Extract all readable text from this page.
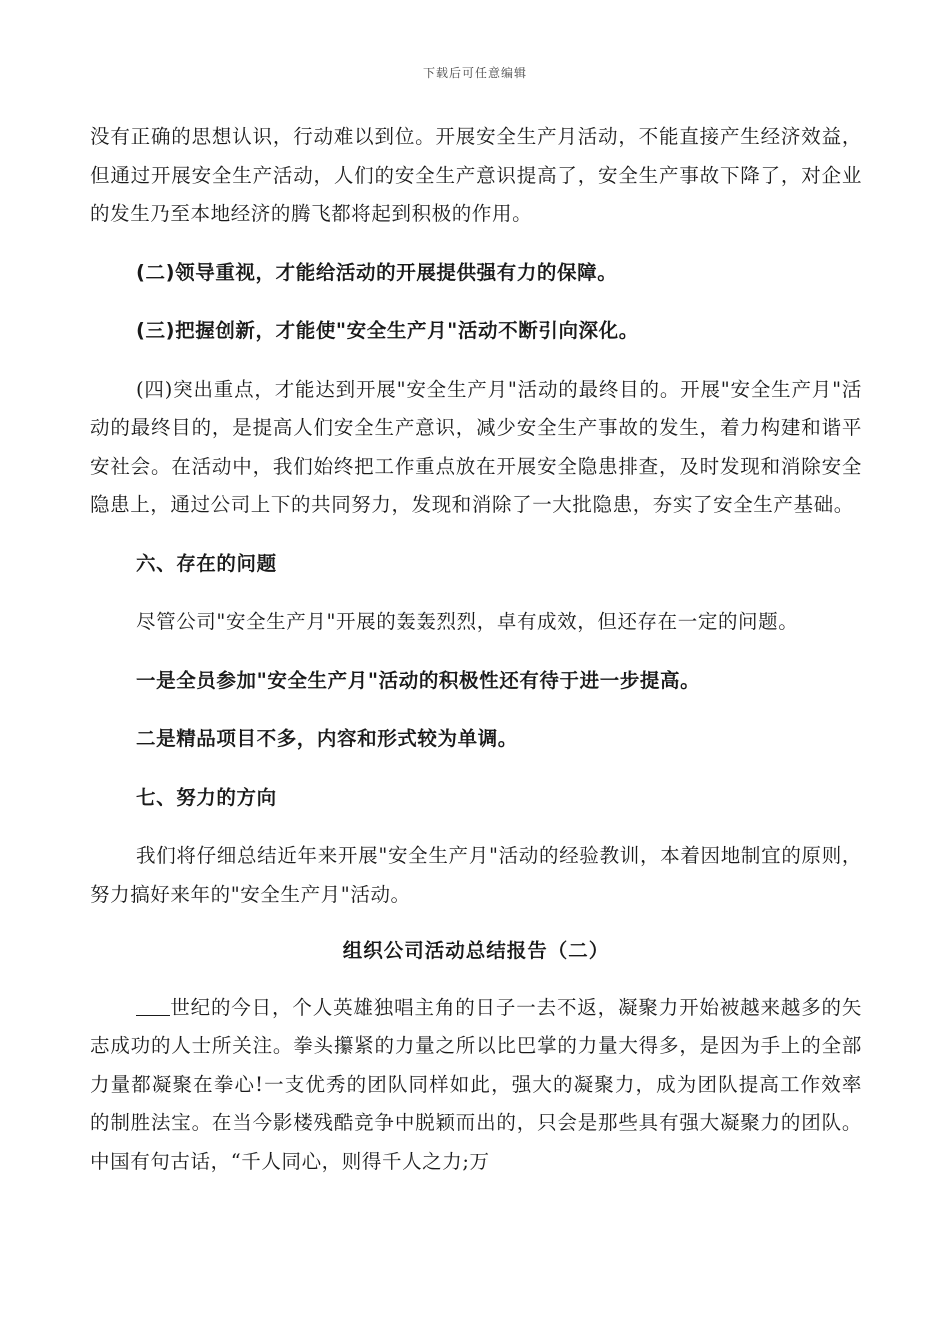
下载后可任意编辑

没有正确的思想认识，行动难以到位。开展安全生产月活动，不能直接产生经济效益，但通过开展安全生产活动，人们的安全生产意识提高了，安全生产事故下降了，对企业的发生乃至本地经济的腾飞都将起到积极的作用。

(二)领导重视，才能给活动的开展提供强有力的保障。

(三)把握创新，才能使"安全生产月"活动不断引向深化。

(四)突出重点，才能达到开展"安全生产月"活动的最终目的。开展"安全生产月"活动的最终目的，是提高人们安全生产意识，减少安全生产事故的发生，着力构建和谐平安社会。在活动中，我们始终把工作重点放在开展安全隐患排查，及时发现和消除安全隐患上，通过公司上下的共同努力，发现和消除了一大批隐患，夯实了安全生产基础。

六、存在的问题

尽管公司"安全生产月"开展的轰轰烈烈，卓有成效，但还存在一定的问题。

一是全员参加"安全生产月"活动的积极性还有待于进一步提高。

二是精品项目不多，内容和形式较为单调。

七、努力的方向

我们将仔细总结近年来开展"安全生产月"活动的经验教训，本着因地制宜的原则，努力搞好来年的"安全生产月"活动。

组织公司活动总结报告（二）

世纪的今日，个人英雄独唱主角的日子一去不返，凝聚力开始被越来越多的矢志成功的人士所关注。拳头攥紧的力量之所以比巴掌的力量大得多，是因为手上的全部力量都凝聚在拳心!一支优秀的团队同样如此，强大的凝聚力，成为团队提高工作效率的制胜法宝。在当今影楼残酷竞争中脱颖而出的，只会是那些具有强大凝聚力的团队。中国有句古话，“千人同心，则得千人之力;万
